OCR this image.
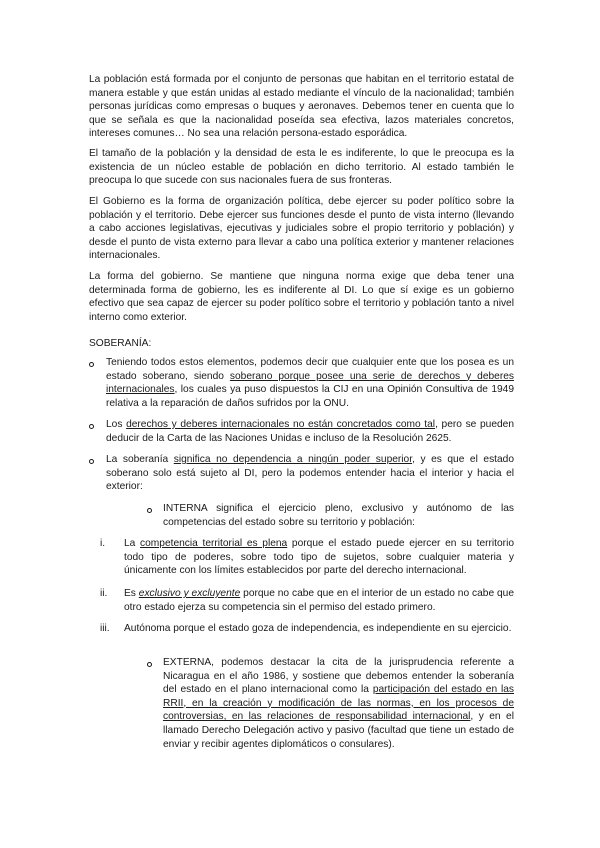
La población está formada por el conjunto de personas que habitan en el territorio estatal de manera estable y que están unidas al estado mediante el vínculo de la nacionalidad; también personas jurídicas como empresas o buques y aeronaves. Debemos tener en cuenta que lo que se señala es que la nacionalidad poseída sea efectiva, lazos materiales concretos, intereses comunes… No sea una relación persona-estado esporádica.

El tamaño de la población y la densidad de esta le es indiferente, lo que le preocupa es la existencia de un núcleo estable de población en dicho territorio. Al estado también le preocupa lo que sucede con sus nacionales fuera de sus fronteras.

El Gobierno es la forma de organización política, debe ejercer su poder político sobre la población y el territorio. Debe ejercer sus funciones desde el punto de vista interno (llevando a cabo acciones legislativas, ejecutivas y judiciales sobre el propio territorio y población) y desde el punto de vista externo para llevar a cabo una política exterior y mantener relaciones internacionales.

La forma del gobierno. Se mantiene que ninguna norma exige que deba tener una determinada forma de gobierno, les es indiferente al DI. Lo que sí exige es un gobierno efectivo que sea capaz de ejercer su poder político sobre el territorio y población tanto a nivel interno como exterior.

SOBERANÍA:

Teniendo todos estos elementos, podemos decir que cualquier ente que los posea es un estado soberano, siendo soberano porque posee una serie de derechos y deberes internacionales, los cuales ya puso dispuestos la CIJ en una Opinión Consultiva de 1949 relativa a la reparación de daños sufridos por la ONU.

Los derechos y deberes internacionales no están concretados como tal, pero se pueden deducir de la Carta de las Naciones Unidas e incluso de la Resolución 2625.

La soberanía significa no dependencia a ningún poder superior, y es que el estado soberano solo está sujeto al DI, pero la podemos entender hacia el interior y hacia el exterior:

INTERNA significa el ejercicio pleno, exclusivo y autónomo de las competencias del estado sobre su territorio y población:

i.	La competencia territorial es plena porque el estado puede ejercer en su territorio todo tipo de poderes, sobre todo tipo de sujetos, sobre cualquier materia y únicamente con los límites establecidos por parte del derecho internacional.

ii.	Es exclusivo y excluyente porque no cabe que en el interior de un estado no cabe que otro estado ejerza su competencia sin el permiso del estado primero.

iii.	Autónoma porque el estado goza de independencia, es independiente en su ejercicio.

EXTERNA, podemos destacar la cita de la jurisprudencia referente a Nicaragua en el año 1986, y sostiene que debemos entender la soberanía del estado en el plano internacional como la participación del estado en las RRII, en la creación y modificación de las normas, en los procesos de controversias, en las relaciones de responsabilidad internacional, y en el llamado Derecho Delegación activo y pasivo (facultad que tiene un estado de enviar y recibir agentes diplomáticos o consulares).
